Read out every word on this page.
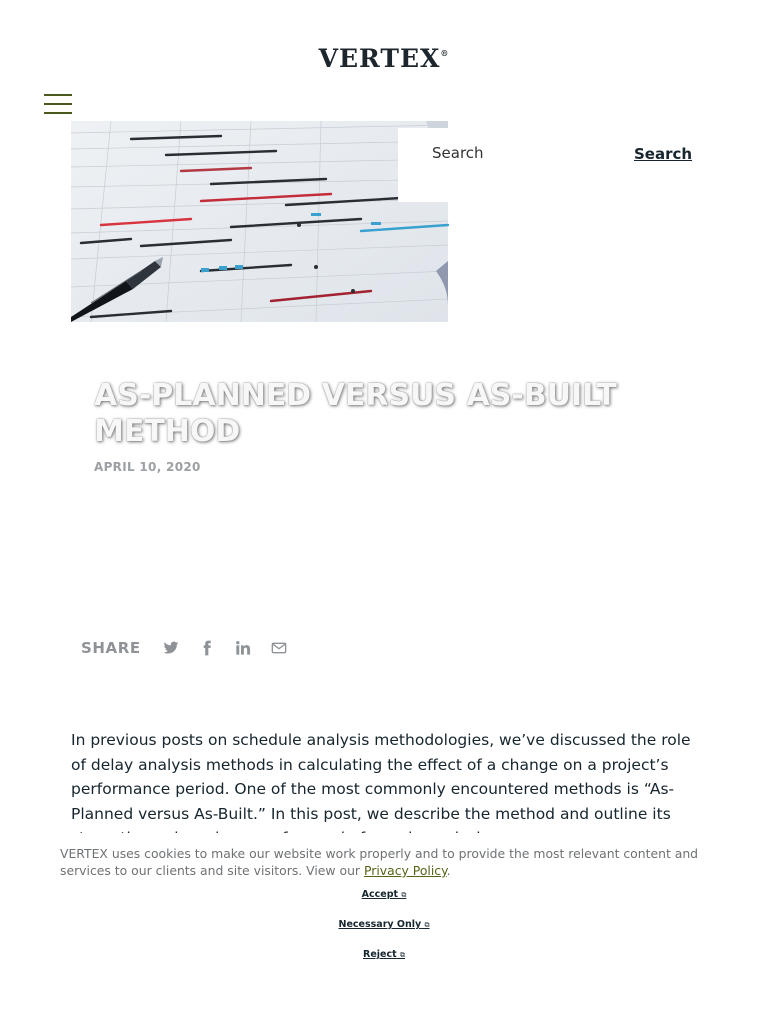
VERTEX®
Search
Search
AS-PLANNED VERSUS AS-BUILT METHOD
APRIL 10, 2020
SHARE

In previous posts on schedule analysis methodologies, we’ve discussed the role of delay analysis methods in calculating the effect of a change on a project’s performance period. One of the most commonly encountered methods is “As-Planned versus As-Built.” In this post, we describe the method and outline its

VERTEX uses cookies to make our website work properly and to provide the most relevant content and services to our clients and site visitors. View our Privacy Policy.

Accept ⧉
Necessary Only ⧉
Reject ⧉
